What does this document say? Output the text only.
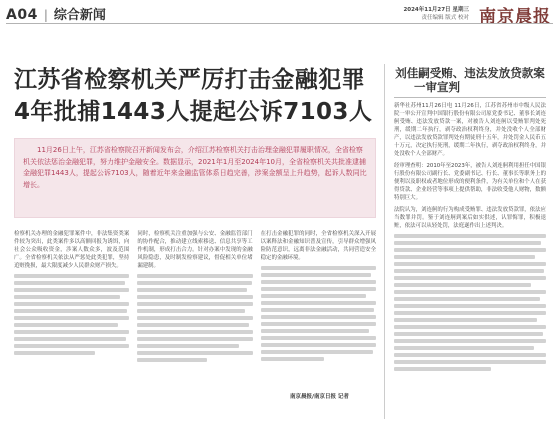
A04 | 综合新闻	2024年11月27日 星期三
责任编辑 版式 校对 南京晨报
江苏省检察机关严厉打击金融犯罪
4年批捕1443人提起公诉7103人
11月26日上午，江苏省检察院召开新闻发布会，介绍江苏检察机关打击治理金融犯罪履职情况，全省检察机关依法惩治金融犯罪，努力维护金融安全。数据显示，2021年1月至2024年10月，全省检察机关共批准逮捕金融犯罪1443人，提起公诉7103人，随着近年来金融监管体系日趋完善，涉案金额呈上升趋势，起诉人数同比增长。
检察机关办理的金融犯罪案件中，非法集资类案件较为突出，此类案件多以高额回报为诱饵，向社会公众吸收资金，涉案人数众多，波及范围广。全省检察机关依法从严惩处此类犯罪，坚持追赃挽损，最大限度减少人民群众财产损失。
同时，检察机关注重加强与公安、金融监管部门的协作配合，推动建立线索移送、信息共享等工作机制，形成打击合力。针对办案中发现的金融风险隐患，及时制发检察建议，督促相关单位堵漏建制。
在打击金融犯罪的同时，全省检察机关深入开展以案释法和金融知识普及宣传，引导群众增强风险防范意识，远离非法金融活动，共同营造安全稳定的金融环境。
南京晨报/南京日报 记者
刘佳嗣受贿、违法发放贷款案
一审宣判
新华社苏州11月26日电 11月26日，江苏省苏州市中级人民法院一审公开宣判中国银行股份有限公司原党委书记、董事长刘连舸受贿、违法发放贷款一案，对被告人刘连舸以受贿罪判处死刑，缓期二年执行，剥夺政治权利终身，并处没收个人全部财产，以违法发放贷款罪判处有期徒刑十五年，并处罚金人民币五十万元，决定执行死刑，缓期二年执行，剥夺政治权利终身，并处没收个人全部财产。
经审理查明：2010年至2023年，被告人刘连舸利用担任中国银行股份有限公司副行长、党委副书记、行长、董事长等职务上的便利以及职权或者地位形成的便利条件，为有关单位和个人在获得贷款、企业经营等事项上提供帮助，非法收受他人财物，数额特别巨大。
法院认为，刘连舸的行为构成受贿罪、违法发放贷款罪，依法应当数罪并罚。鉴于刘连舸到案后如实供述，认罪悔罪，积极退赃，依法可以从轻处罚，法庭遂作出上述判决。
